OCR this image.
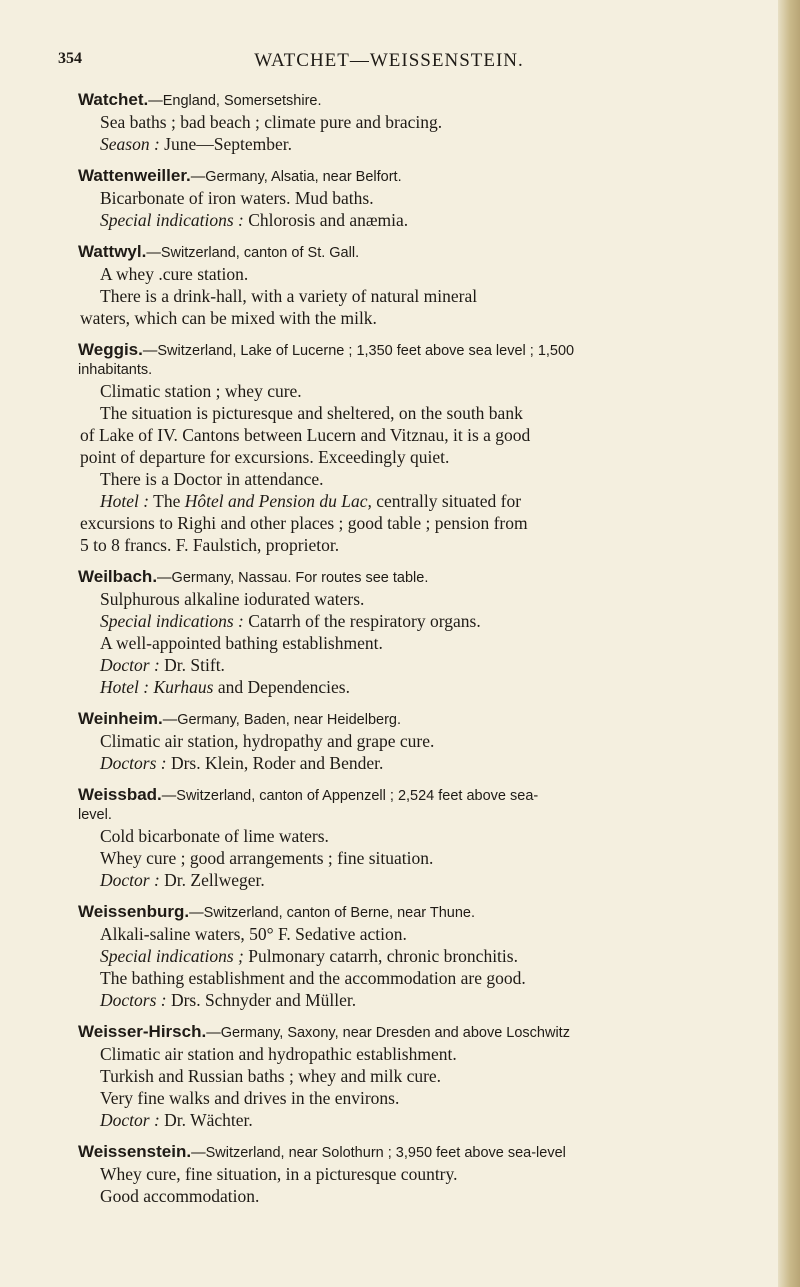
354	WATCHET—WEISSENSTEIN.
Watchet.—England, Somersetshire.
Sea baths ; bad beach ; climate pure and bracing.
Season : June—September.
Wattenweiller.—Germany, Alsatia, near Belfort.
Bicarbonate of iron waters. Mud baths.
Special indications : Chlorosis and anæmia.
Wattwyl.—Switzerland, canton of St. Gall.
A whey .cure station.
There is a drink-hall, with a variety of natural mineral
waters, which can be mixed with the milk.
Weggis.—Switzerland, Lake of Lucerne ; 1,350 feet above sea level ; 1,500
inhabitants.
Climatic station ; whey cure.
The situation is picturesque and sheltered, on the south bank
of Lake of IV. Cantons between Lucern and Vitznau, it is a good
point of departure for excursions. Exceedingly quiet.
There is a Doctor in attendance.
Hotel : The Hôtel and Pension du Lac, centrally situated for
excursions to Righi and other places ; good table ; pension from
5 to 8 francs. F. Faulstich, proprietor.
Weilbach.—Germany, Nassau. For routes see table.
Sulphurous alkaline iodurated waters.
Special indications : Catarrh of the respiratory organs.
A well-appointed bathing establishment.
Doctor : Dr. Stift.
Hotel : Kurhaus and Dependencies.
Weinheim.—Germany, Baden, near Heidelberg.
Climatic air station, hydropathy and grape cure.
Doctors : Drs. Klein, Roder and Bender.
Weissbad.—Switzerland, canton of Appenzell ; 2,524 feet above sea-
level.
Cold bicarbonate of lime waters.
Whey cure ; good arrangements ; fine situation.
Doctor : Dr. Zellweger.
Weissenburg.—Switzerland, canton of Berne, near Thune.
Alkali-saline waters, 50° F. Sedative action.
Special indications ; Pulmonary catarrh, chronic bronchitis.
The bathing establishment and the accommodation are good.
Doctors : Drs. Schnyder and Müller.
Weisser-Hirsch.—Germany, Saxony, near Dresden and above Loschwitz
Climatic air station and hydropathic establishment.
Turkish and Russian baths ; whey and milk cure.
Very fine walks and drives in the environs.
Doctor : Dr. Wächter.
Weissenstein.—Switzerland, near Solothurn ; 3,950 feet above sea-level
Whey cure, fine situation, in a picturesque country.
Good accommodation.
